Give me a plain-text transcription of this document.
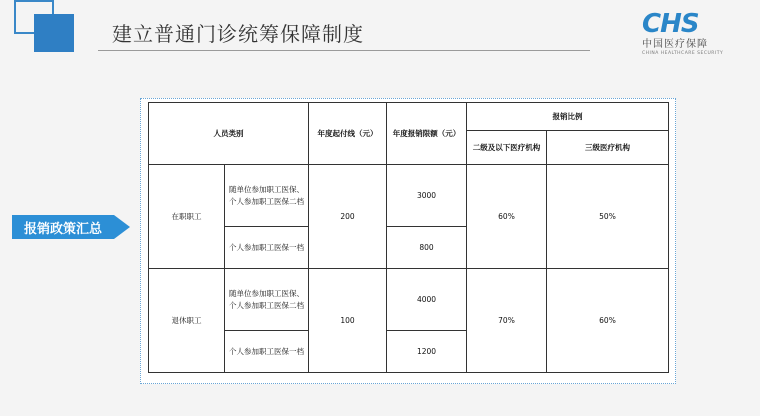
建立普通门诊统筹保障制度	CHS
中国医疗保障
CHINA HEALTHCARE SECURITY
报销政策汇总
人员类别		年度起付线（元）	年度报销限额（元）	报销比例	
				二级及以下医疗机构	三级医疗机构
在职职工	随单位参加职工医保、个人参加职工医保二档	200	3000	60%	50%
	个人参加职工医保一档		800		
退休职工	随单位参加职工医保、个人参加职工医保二档	100	4000	70%	60%
	个人参加职工医保一档		1200		
